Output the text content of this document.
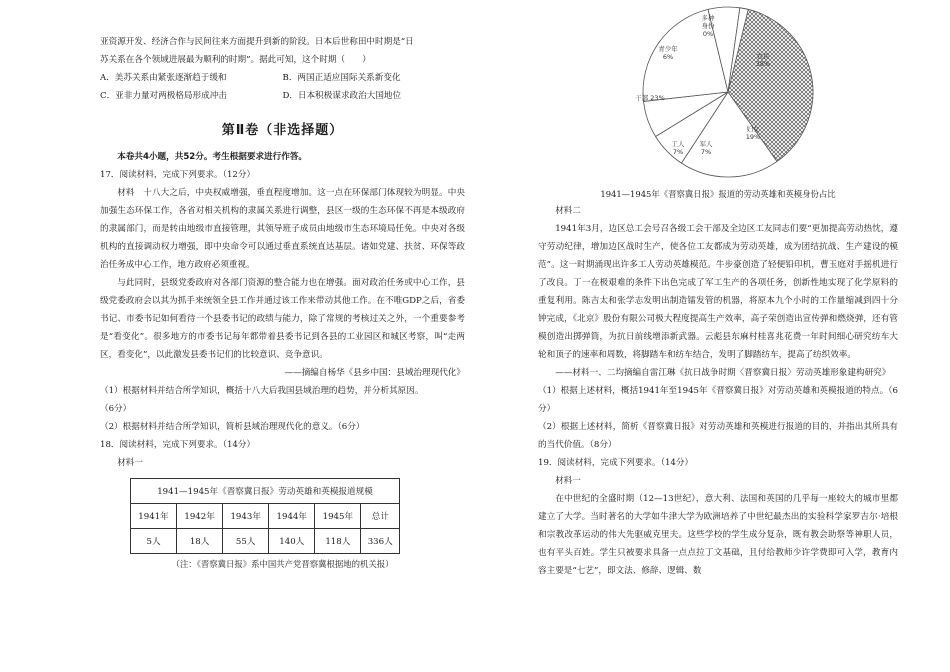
亚资源开发、经济合作与民间往来方面提升到新的阶段。日本后世称田中时期是“日

苏关系在各个领域进展最为顺利的时期”。据此可知，这个时期（　　）

A．美苏关系由紧张逐渐趋于缓和	B．两国正适应国际关系新变化
C．亚非力量对两极格局形成冲击	D．日本积极谋求政治大国地位
第Ⅱ卷（非选择题）

本卷共4小题，共52分。考生根据要求进行作答。

17．阅读材料，完成下列要求。（12分）

材料　十八大之后，中央权威增强，垂直程度增加。这一点在环保部门体现较为明显。中央加强生态环保工作，各省对相关机构的隶属关系进行调整，县区一级的生态环保不再是本级政府的隶属部门，而是转由地级市直接管理，其领导班子成员由地级市生态环境局任免。中央对各级机构的直接调动权力增强，即中央命令可以通过垂直系统直达基层。诸如党建、扶贫、环保等政治任务成中心工作，地方政府必须重视。

与此同时，县级党委政府对各部门资源的整合能力也在增强。面对政治任务或中心工作，县级党委政府会以其为抓手来统领全县工作并通过该工作来带动其他工作。在不唯GDP之后，省委书记、市委书记如何看待一个县委书记的政绩与能力，除了常规的考核过关之外，一个重要参考是“看变化”。很多地方的市委书记每年都带着县委书记到各县的工业园区和城区考察，叫“走两区，看变化”，以此激发县委书记们的比较意识、竞争意识。

——摘编自杨华《县乡中国：县域治理现代化》

（1）根据材料并结合所学知识，概括十八大后我国县域治理的趋势，并分析其原因。

（6分）

（2）根据材料并结合所学知识，简析县域治理现代化的意义。（6分）

18．阅读材料，完成下列要求。（14分）

材料一

1941—1945年《晋察冀日报》劳动英雄和英模报道规模					
1941年	1942年	1943年	1944年	1945年	总计
5人	18人	55人	140人	118人	336人

（注：《晋察冀日报》系中国共产党晋察冀根据地的机关报）

农民 38%
妇女 19%
军人 7%
工人 7%
干部 23%
青少年 6%
多种身份 0%

1941—1945年《晋察冀日报》报道的劳动英雄和英模身份占比

材料二

1941年3月，边区总工会号召各级工会干部及全边区工友同志们要“更加提高劳动热忱，遵守劳动纪律，增加边区战时生产，使各位工友都成为劳动英雄，成为团结抗战、生产建设的模范”。这一时期涌现出许多工人劳动英雄模范。牛步豪创造了轻便铅印机，曹玉庭对手摇机进行了改良。丁一在极艰难的条件下出色完成了军工生产的各项任务，创新性地实现了化学原料的重复利用。陈吉太和张学志发明出制造镭发管的机器，将原本九个小时的工作量缩减到四十分钟完成，《北京》股份有限公司极大程度提高生产效率，高子荣创造出宣传弹和燃烧弹，还有管模创造出掷弹筒，为抗日前线增添新武器。云彪县东麻村桂喜兆花费一年时间细心研究纺车大轮和顶子的速率和周数，将脚踏车和纺车结合，发明了脚踏纺车，提高了纺织效率。

——材料一、二均摘编自雷江琳《抗日战争时期〈晋察冀日报〉劳动英雄形象建构研究》

（1）根据上述材料，概括1941年至1945年《晋察冀日报》对劳动英雄和英模报道的特点。（6分）

（2）根据上述材料，简析《晋察冀日报》对劳动英雄和英模进行报道的目的，并指出其所具有的当代价值。（8分）

19．阅读材料，完成下列要求。（14分）

材料一

在中世纪的全盛时期（12—13世纪），意大利、法国和英国的几乎每一座较大的城市里都建立了大学。当时著名的大学如牛津大学为欧洲培养了中世纪最杰出的实验科学家罗吉尔·培根和宗教改革运动的伟大先驱威克里夫。这些学校的学生成分复杂，既有教会助祭等神职人员，也有平头百姓。学生只被要求具备一点点拉丁文基础，且付给教师少许学费即可入学，教育内容主要是“七艺”，即文法、修辞、逻辑、数
